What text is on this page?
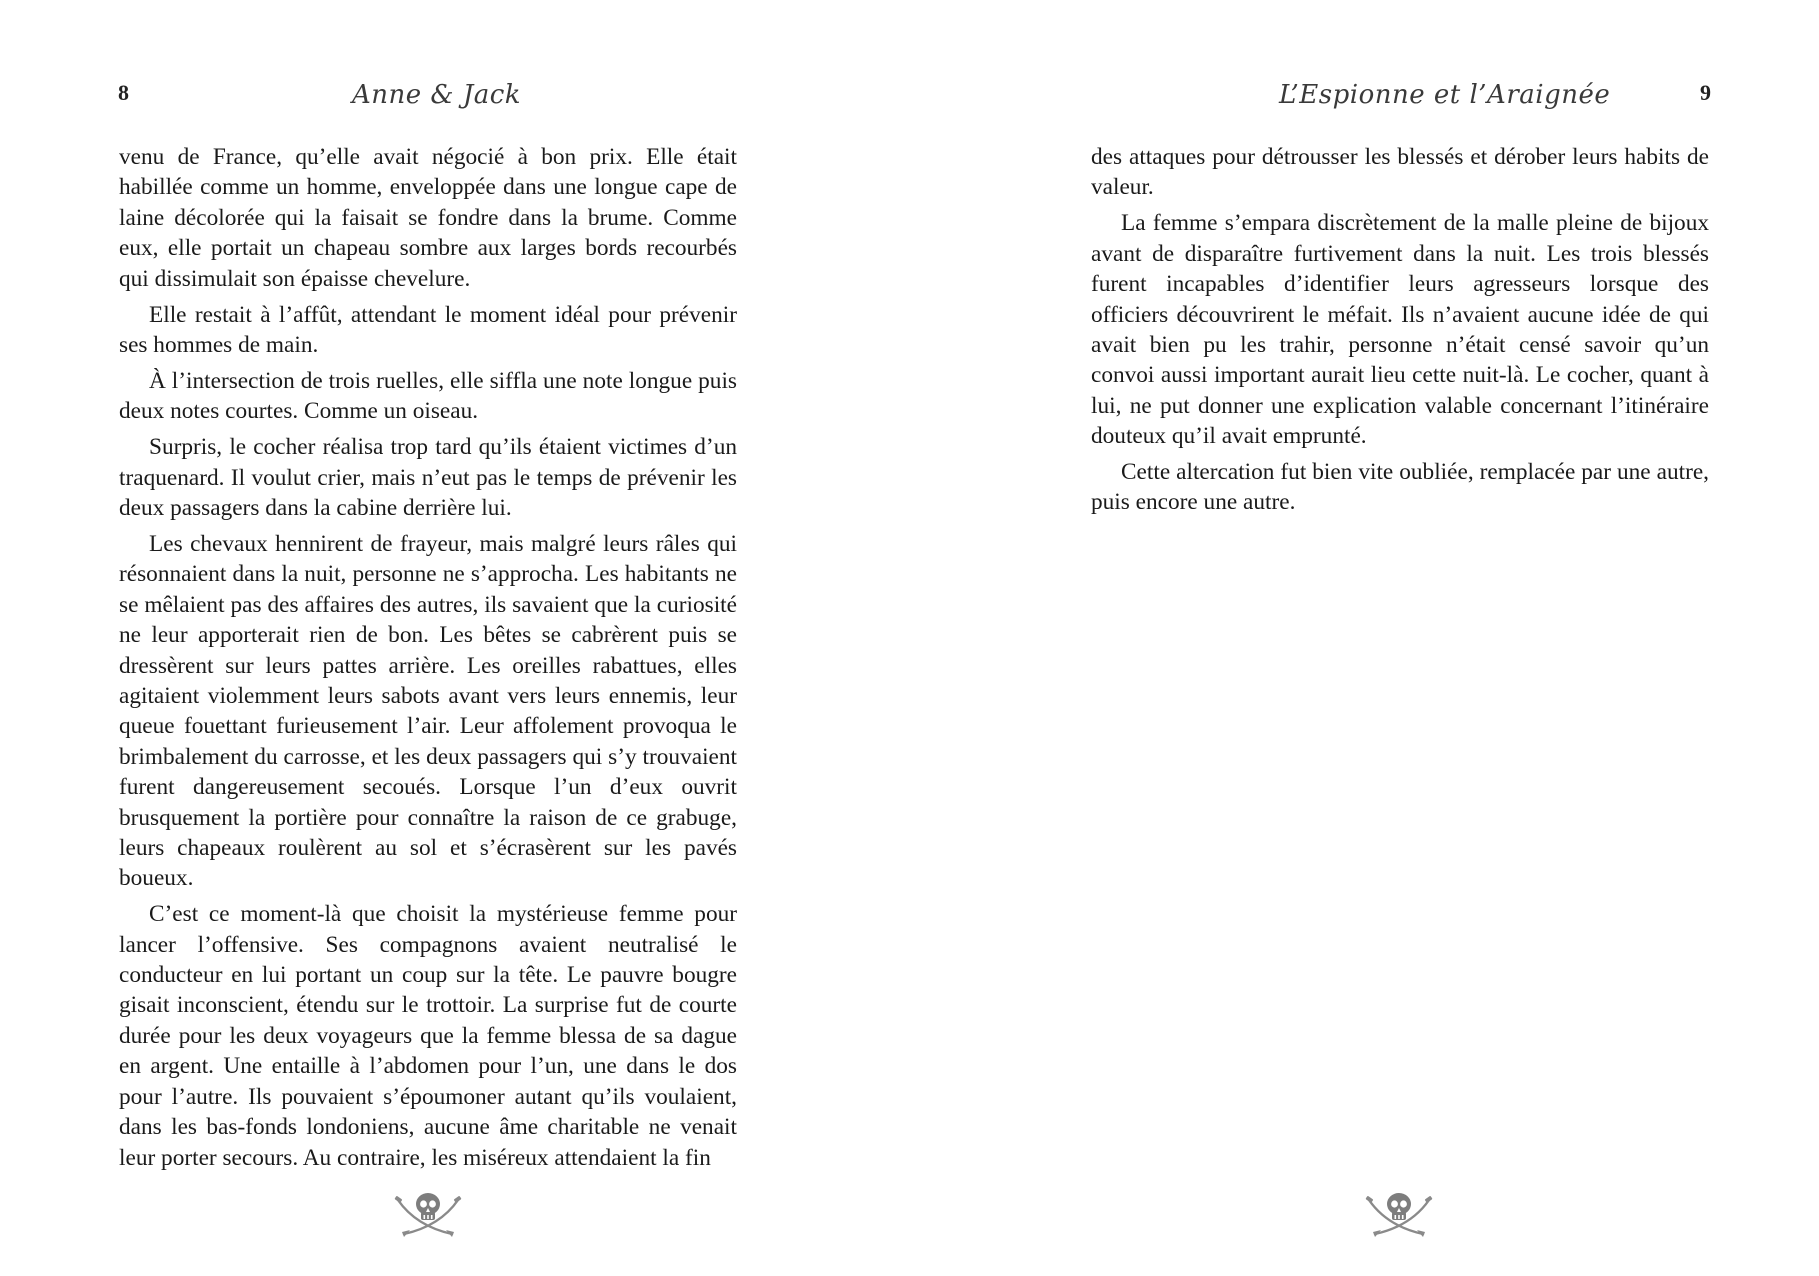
8	Anne & Jack

venu de France, qu’elle avait négocié à bon prix. Elle était habillée comme un homme, enveloppée dans une longue cape de laine décolorée qui la faisait se fondre dans la brume. Comme eux, elle portait un chapeau sombre aux larges bords recourbés qui dissimulait son épaisse chevelure.

Elle restait à l’affût, attendant le moment idéal pour prévenir ses hommes de main.

À l’intersection de trois ruelles, elle siffla une note longue puis deux notes courtes. Comme un oiseau.

Surpris, le cocher réalisa trop tard qu’ils étaient victimes d’un traquenard. Il voulut crier, mais n’eut pas le temps de prévenir les deux passagers dans la cabine derrière lui.

Les chevaux hennirent de frayeur, mais malgré leurs râles qui résonnaient dans la nuit, personne ne s’approcha. Les habitants ne se mêlaient pas des affaires des autres, ils savaient que la curiosité ne leur apporterait rien de bon. Les bêtes se cabrèrent puis se dressèrent sur leurs pattes arrière. Les oreilles rabattues, elles agitaient violemment leurs sabots avant vers leurs ennemis, leur queue fouettant furieusement l’air. Leur affolement provoqua le brimbalement du carrosse, et les deux passagers qui s’y trouvaient furent dangereusement secoués. Lorsque l’un d’eux ouvrit brusquement la portière pour connaître la raison de ce grabuge, leurs chapeaux roulèrent au sol et s’écrasèrent sur les pavés boueux.

C’est ce moment-là que choisit la mystérieuse femme pour lancer l’offensive. Ses compagnons avaient neutralisé le conducteur en lui portant un coup sur la tête. Le pauvre bougre gisait inconscient, étendu sur le trottoir. La surprise fut de courte durée pour les deux voyageurs que la femme blessa de sa dague en argent. Une entaille à l’abdomen pour l’un, une dans le dos pour l’autre. Ils pouvaient s’époumoner autant qu’ils voulaient, dans les bas-fonds londoniens, aucune âme charitable ne venait leur porter secours. Au contraire, les miséreux attendaient la fin

L’Espionne et l’Araignée	9

des attaques pour détrousser les blessés et dérober leurs habits de valeur.

La femme s’empara discrètement de la malle pleine de bijoux avant de disparaître furtivement dans la nuit. Les trois blessés furent incapables d’identifier leurs agresseurs lorsque des officiers découvrirent le méfait. Ils n’avaient aucune idée de qui avait bien pu les trahir, personne n’était censé savoir qu’un convoi aussi important aurait lieu cette nuit-là. Le cocher, quant à lui, ne put donner une explication valable concernant l’itinéraire douteux qu’il avait emprunté.

Cette altercation fut bien vite oubliée, remplacée par une autre, puis encore une autre.
